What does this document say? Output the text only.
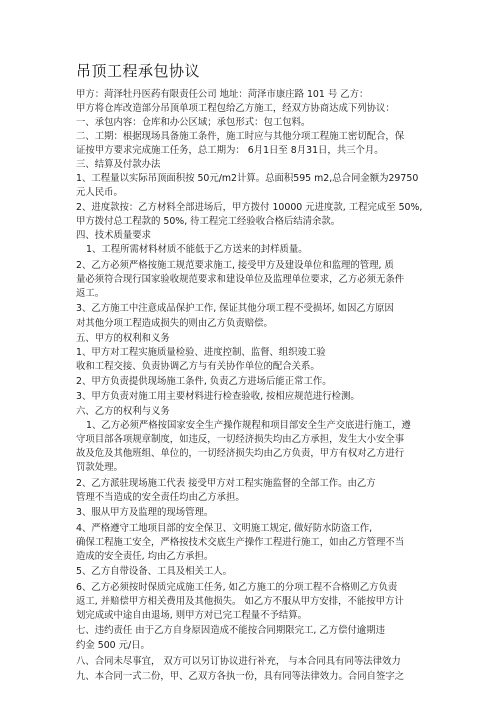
吊顶工程承包协议
甲方：菏泽牡丹医药有限责任公司 地址：菏泽市康庄路 101 号 乙方：
甲方将仓库改造部分吊顶单项工程包给乙方施工，经双方协商达成下列协议：
一、承包内容：仓库和办公区域；承包形式：包工包料。
二、工期：根据现场具备施工条件，施工时应与其他分项工程施工密切配合，保
证按甲方要求完成施工任务，总工期为： 6月1日至 8月31日，共三个月。
三、结算及付款办法
1、工程量以实际吊顶面积按 50元/m2计算。总面积595 m2,总合同金额为29750
元人民币。
2、进度款按：乙方材料全部进场后，甲方拨付 10000 元进度款, 工程完成至 50%,
甲方拨付总工程款的 50%, 待工程完工经验收合格后结清余款。
四、技术质量要求
1、工程所需材料材质不能低于乙方送来的封样质量。
2、乙方必须严格按施工规范要求施工, 接受甲方及建设单位和监理的管理, 质
量必须符合现行国家验收规范要求和建设单位及监理单位要求，乙方必须无条件
返工。
3、乙方施工中注意成品保护工作, 保证其他分项工程不受损坏, 如因乙方原因
对其他分项工程造成损失的则由乙方负责赔偿。
五、甲方的权利和义务
1、甲方对工程实施质量检验、进度控制、监督、组织竣工验
收和工程交接、负责协调乙方与有关协作单位的配合关系。
2、甲方负责提供现场施工条件, 负责乙方进场后能正常工作。
3、甲方负责对施工用主要材料进行检查验收, 按相应规范进行检测。
六、乙方的权利与义务
1、乙方必须严格按国家安全生产操作规程和项目部安全生产交底进行施工，遵
守项目部各项规章制度，如违反，一切经济损失均由乙方承担，发生大小安全事
故及危及其他班组、单位的，一切经济损失均由乙方负责，甲方有权对乙方进行
罚款处理。
2、乙方派驻现场施工代表 接受甲方对工程实施监督的全部工作。由乙方
管理不当造成的安全责任均由乙方承担。
3、服从甲方及监理的现场管理。
4、严格遵守工地项目部的安全保卫、文明施工规定, 做好防水防盗工作,
确保工程施工安全，严格按技术交底生产操作工程进行施工，如由乙方管理不当
造成的安全责任, 均由乙方承担。
5、乙方自带设备、工具及相关工人。
6、乙方必须按时保质完成施工任务, 如乙方施工的分项工程不合格则乙方负责
返工, 并赔偿甲方相关费用及其他损失。 如乙方不服从甲方安排，不能按甲方计
划完成或中途自由退场, 则甲方对已完工程量不予结算。
七、违约责任 由于乙方自身原因造成不能按合同期限完工, 乙方偿付逾期违
约金 500 元/日。
八、合同未尽事宜， 双方可以另订协议进行补充， 与本合同具有同等法律效力
九、本合同一式二份，甲、乙双方各执一份，具有同等法律效力。合同自签字之
